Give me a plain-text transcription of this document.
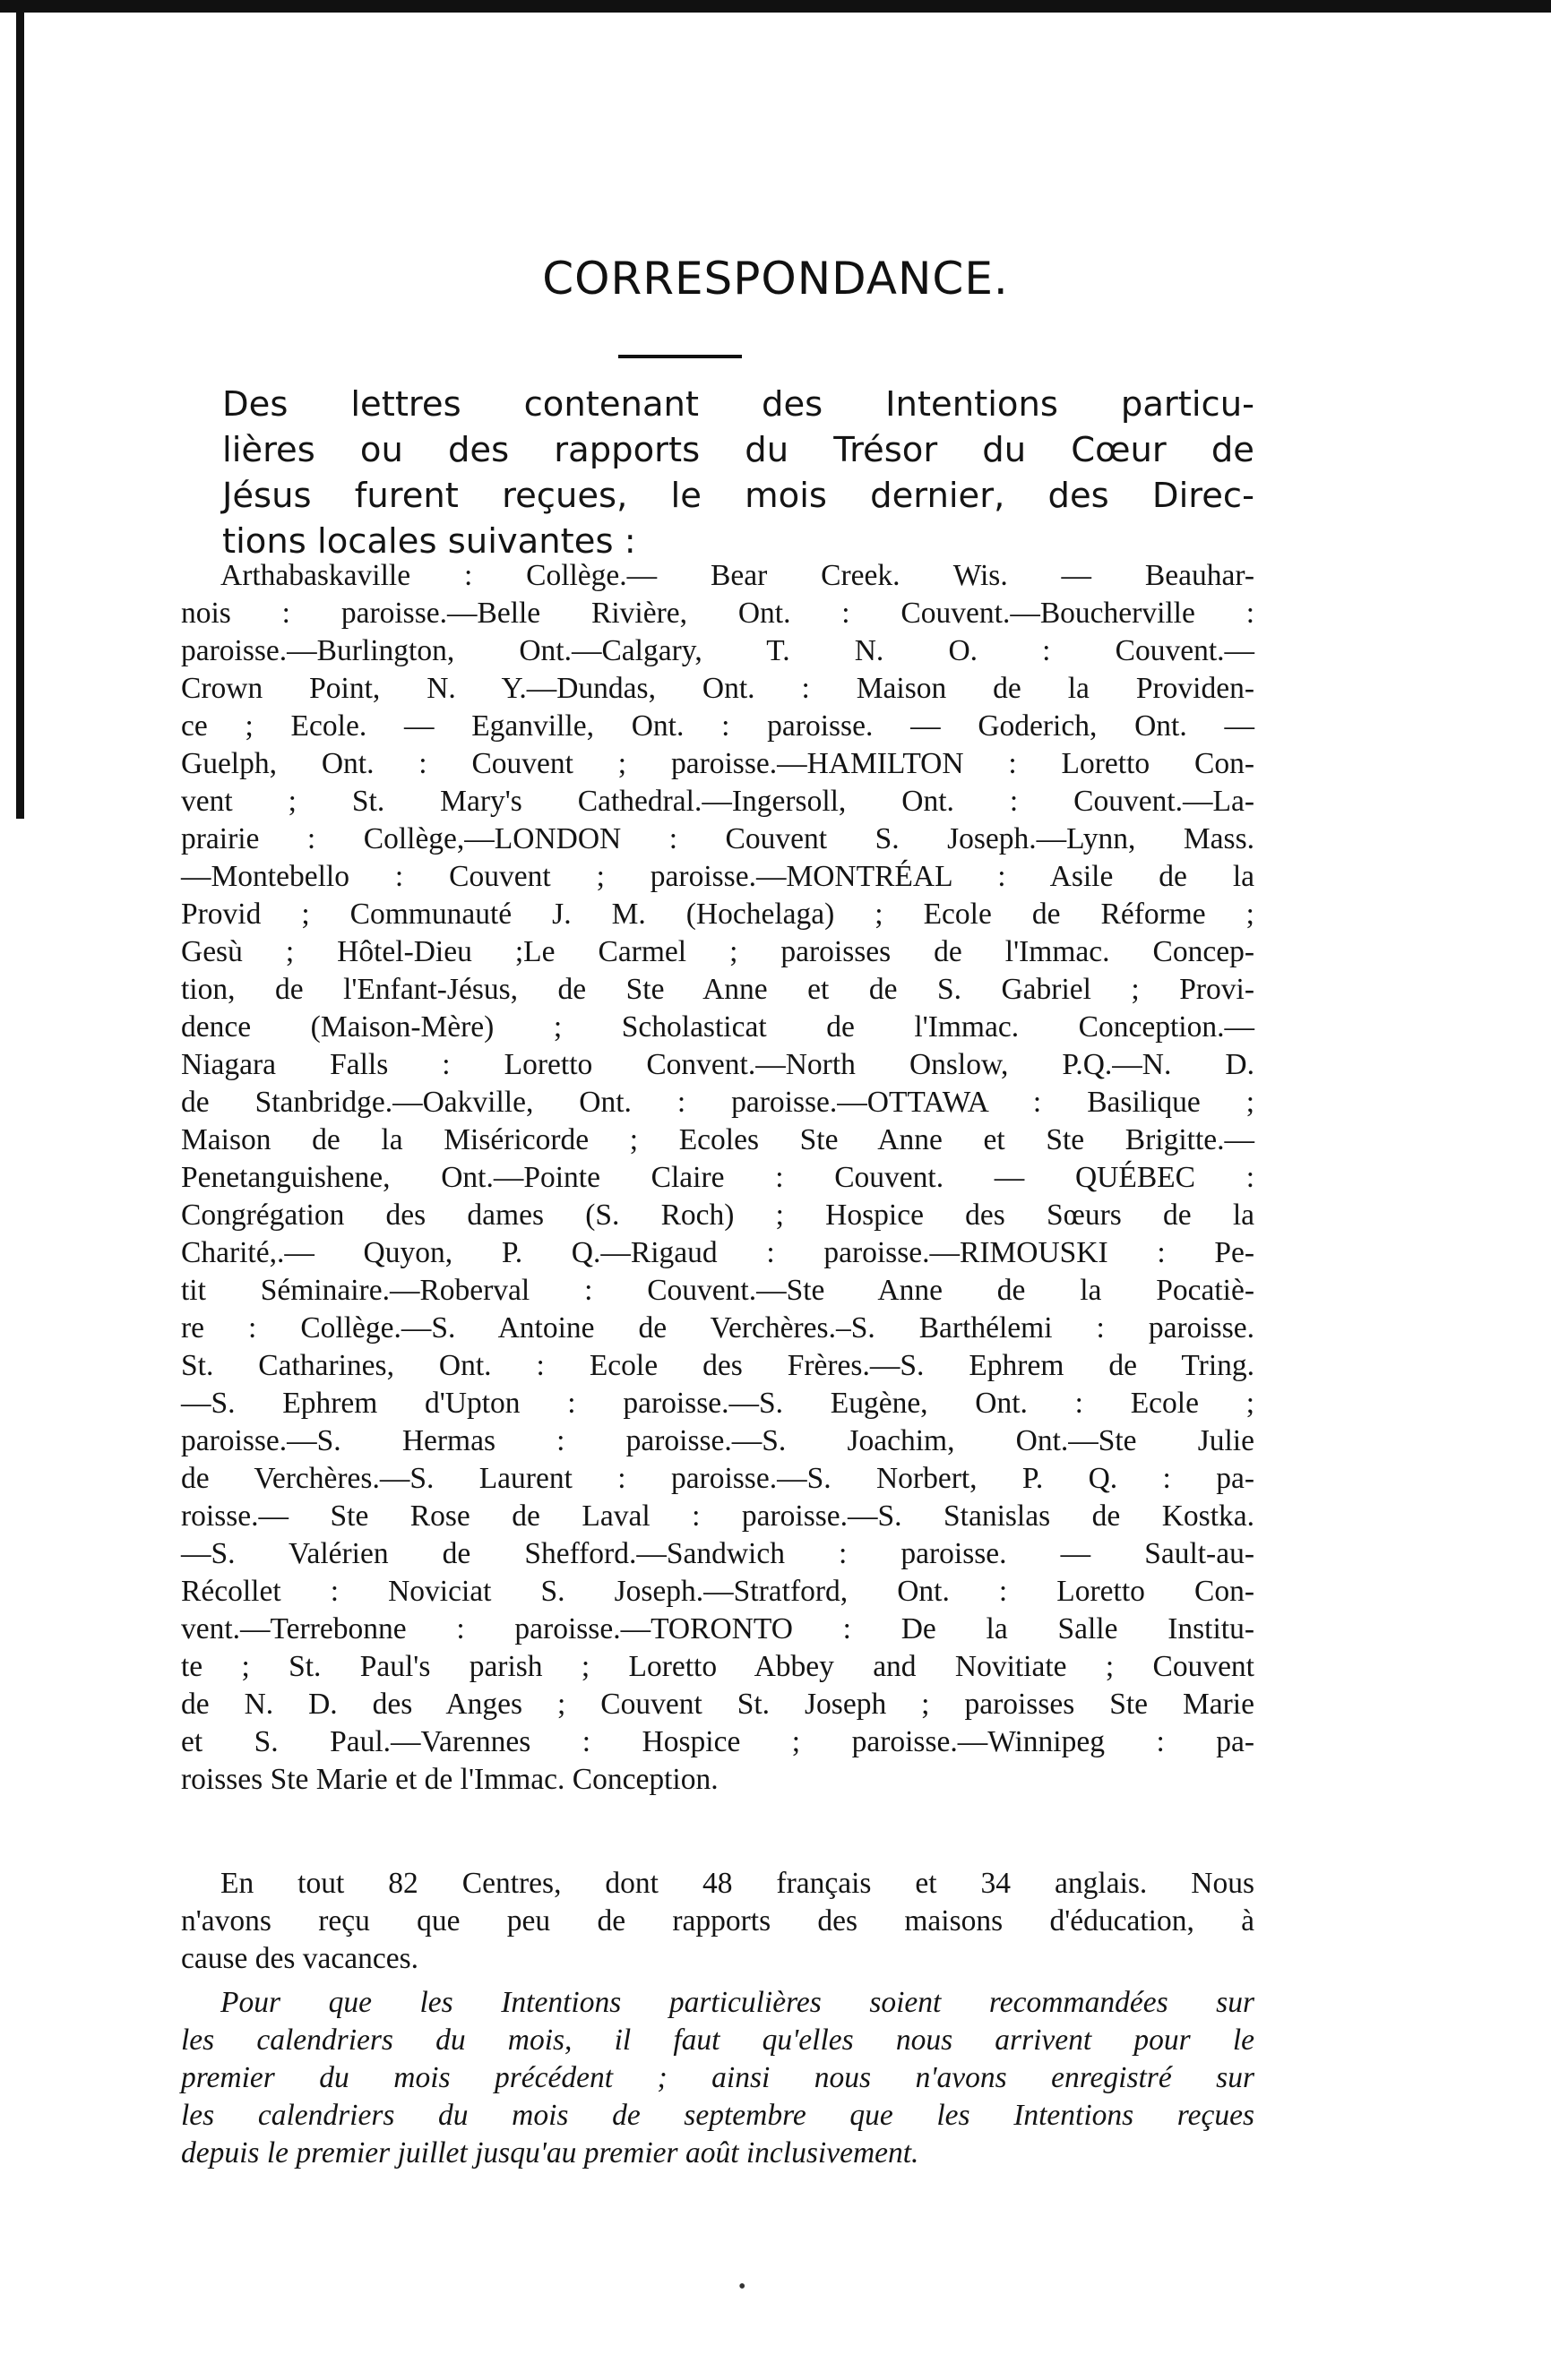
CORRESPONDANCE.
Des lettres contenant des Intentions particu-
lières ou des rapports du Trésor du Cœur de
Jésus furent reçues, le mois dernier, des Direc-
tions locales suivantes :
Arthabaskaville : Collège.— Bear Creek. Wis. — Beauhar-
nois : paroisse.—Belle Rivière, Ont. : Couvent.—Boucherville :
paroisse.—Burlington, Ont.—Calgary, T. N. O. : Couvent.—
Crown Point, N. Y.—Dundas, Ont. : Maison de la Providen-
ce ; Ecole. — Eganville, Ont. : paroisse. — Goderich, Ont. —
Guelph, Ont. : Couvent ; paroisse.—HAMILTON : Loretto Con-
vent ; St. Mary's Cathedral.—Ingersoll, Ont. : Couvent.—La-
prairie : Collège,—LONDON : Couvent S. Joseph.—Lynn, Mass.
—Montebello : Couvent ; paroisse.—MONTRÉAL : Asile de la
Provid ; Communauté J. M. (Hochelaga) ; Ecole de Réforme ;
Gesù ; Hôtel-Dieu ;Le Carmel ; paroisses de l'Immac. Concep-
tion, de l'Enfant-Jésus, de Ste Anne et de S. Gabriel ; Provi-
dence (Maison-Mère) ; Scholasticat de l'Immac. Conception.—
Niagara Falls : Loretto Convent.—North Onslow, P.Q.—N. D.
de Stanbridge.—Oakville, Ont. : paroisse.—OTTAWA : Basilique ;
Maison de la Miséricorde ; Ecoles Ste Anne et Ste Brigitte.—
Penetanguishene, Ont.—Pointe Claire : Couvent. — QUÉBEC :
Congrégation des dames (S. Roch) ; Hospice des Sœurs de la
Charité,.— Quyon, P. Q.—Rigaud : paroisse.—RIMOUSKI : Pe-
tit Séminaire.—Roberval : Couvent.—Ste Anne de la Pocatiè-
re : Collège.—S. Antoine de Verchères.–S. Barthélemi : paroisse.
St. Catharines, Ont. : Ecole des Frères.—S. Ephrem de Tring.
—S. Ephrem d'Upton : paroisse.—S. Eugène, Ont. : Ecole ;
paroisse.—S. Hermas : paroisse.—S. Joachim, Ont.—Ste Julie
de Verchères.—S. Laurent : paroisse.—S. Norbert, P. Q. : pa-
roisse.— Ste Rose de Laval : paroisse.—S. Stanislas de Kostka.
—S. Valérien de Shefford.—Sandwich : paroisse. — Sault-au-
Récollet : Noviciat S. Joseph.—Stratford, Ont. : Loretto Con-
vent.—Terrebonne : paroisse.—TORONTO : De la Salle Institu-
te ; St. Paul's parish ; Loretto Abbey and Novitiate ; Couvent
de N. D. des Anges ; Couvent St. Joseph ; paroisses Ste Marie
et S. Paul.—Varennes : Hospice ; paroisse.—Winnipeg : pa-
roisses Ste Marie et de l'Immac. Conception.
En tout 82 Centres, dont 48 français et 34 anglais. Nous
n'avons reçu que peu de rapports des maisons d'éducation, à
cause des vacances.
Pour que les Intentions particulières soient recommandées sur
les calendriers du mois, il faut qu'elles nous arrivent pour le
premier du mois précédent ; ainsi nous n'avons enregistré sur
les calendriers du mois de septembre que les Intentions reçues
depuis le premier juillet jusqu'au premier août inclusivement.
•
